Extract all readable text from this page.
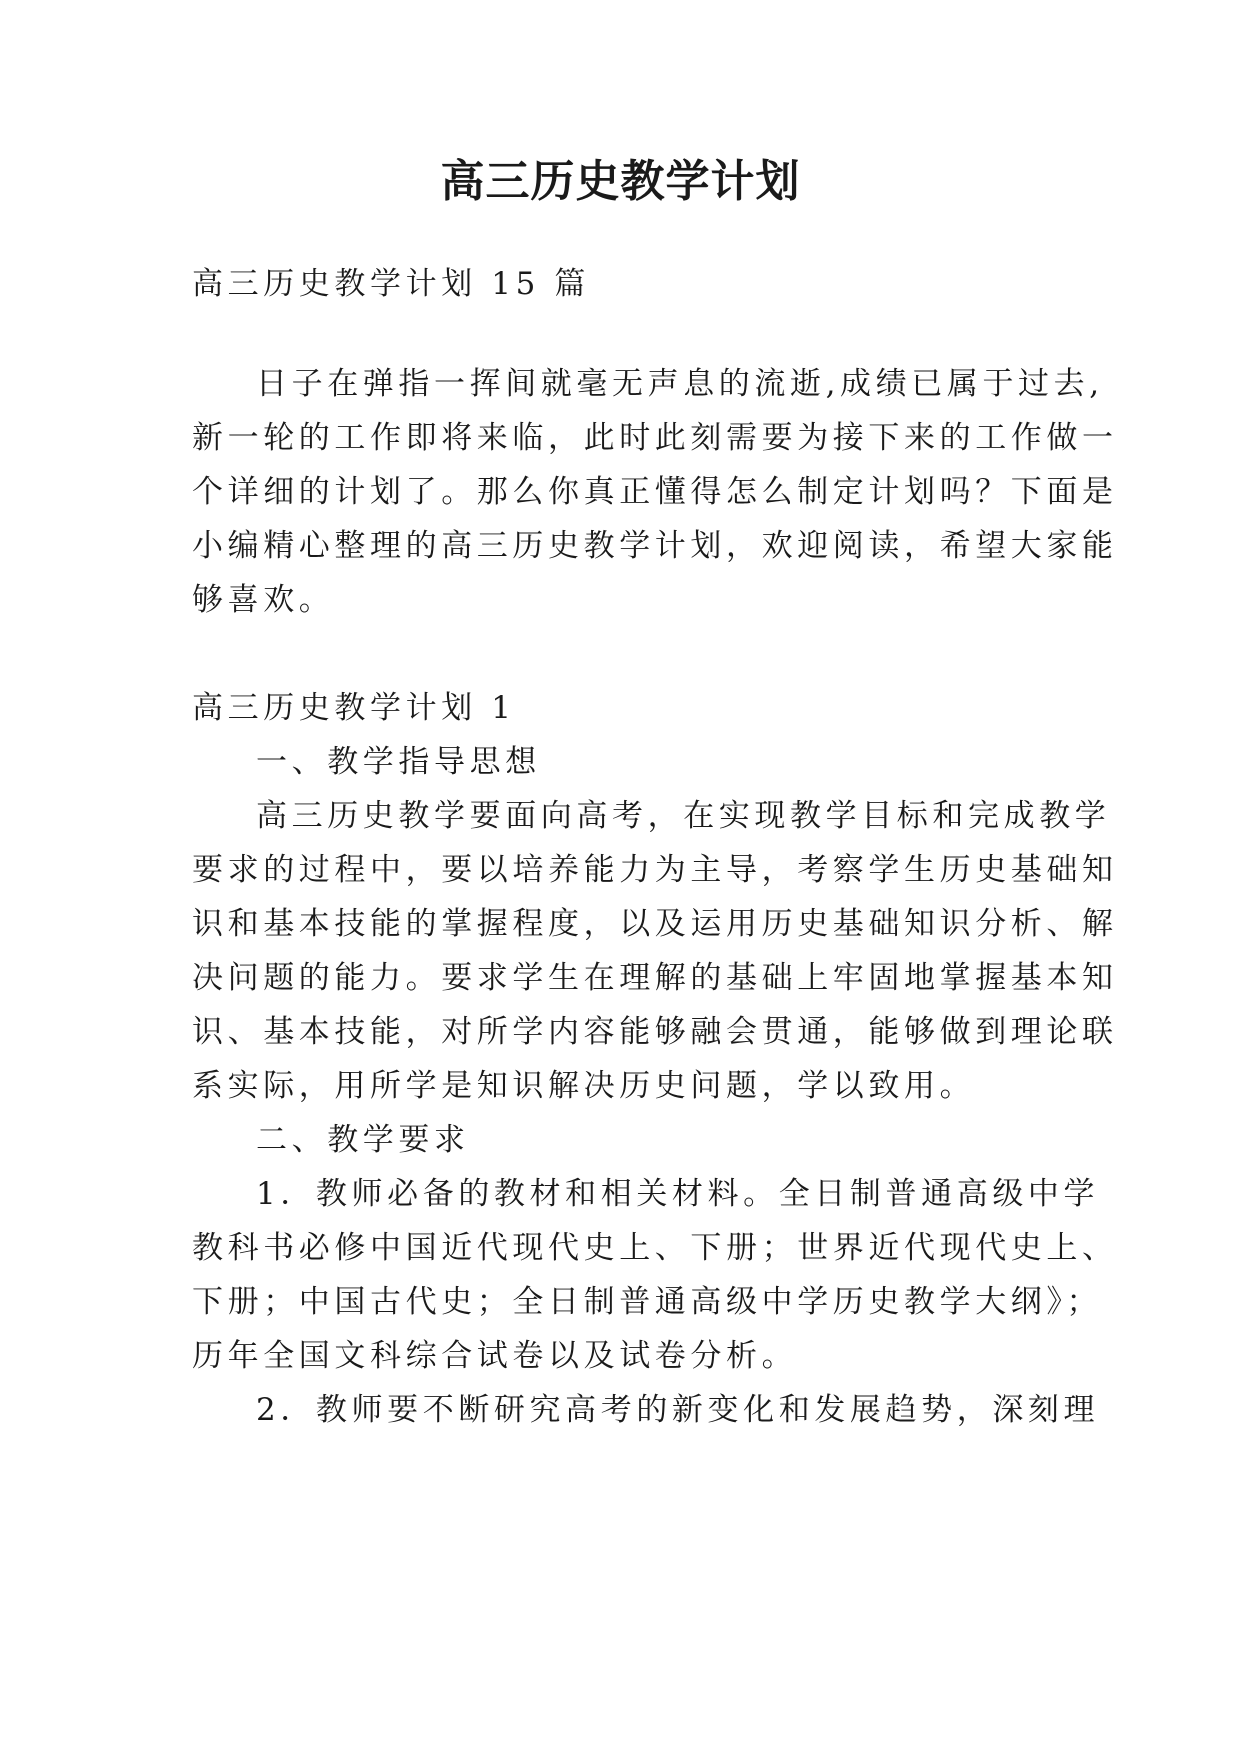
高三历史教学计划
高三历史教学计划 15 篇
日子在弹指一挥间就毫无声息的流逝,成绩已属于过去,
新一轮的工作即将来临，此时此刻需要为接下来的工作做一
个详细的计划了。那么你真正懂得怎么制定计划吗？下面是
小编精心整理的高三历史教学计划，欢迎阅读，希望大家能
够喜欢。
高三历史教学计划 1
一、教学指导思想
高三历史教学要面向高考，在实现教学目标和完成教学
要求的过程中，要以培养能力为主导，考察学生历史基础知
识和基本技能的掌握程度，以及运用历史基础知识分析、解
决问题的能力。要求学生在理解的基础上牢固地掌握基本知
识、基本技能，对所学内容能够融会贯通，能够做到理论联
系实际，用所学是知识解决历史问题，学以致用。
二、教学要求
1．教师必备的教材和相关材料。全日制普通高级中学
教科书必修中国近代现代史上、下册；世界近代现代史上、
下册；中国古代史；全日制普通高级中学历史教学大纲》；
历年全国文科综合试卷以及试卷分析。
2．教师要不断研究高考的新变化和发展趋势，深刻理
